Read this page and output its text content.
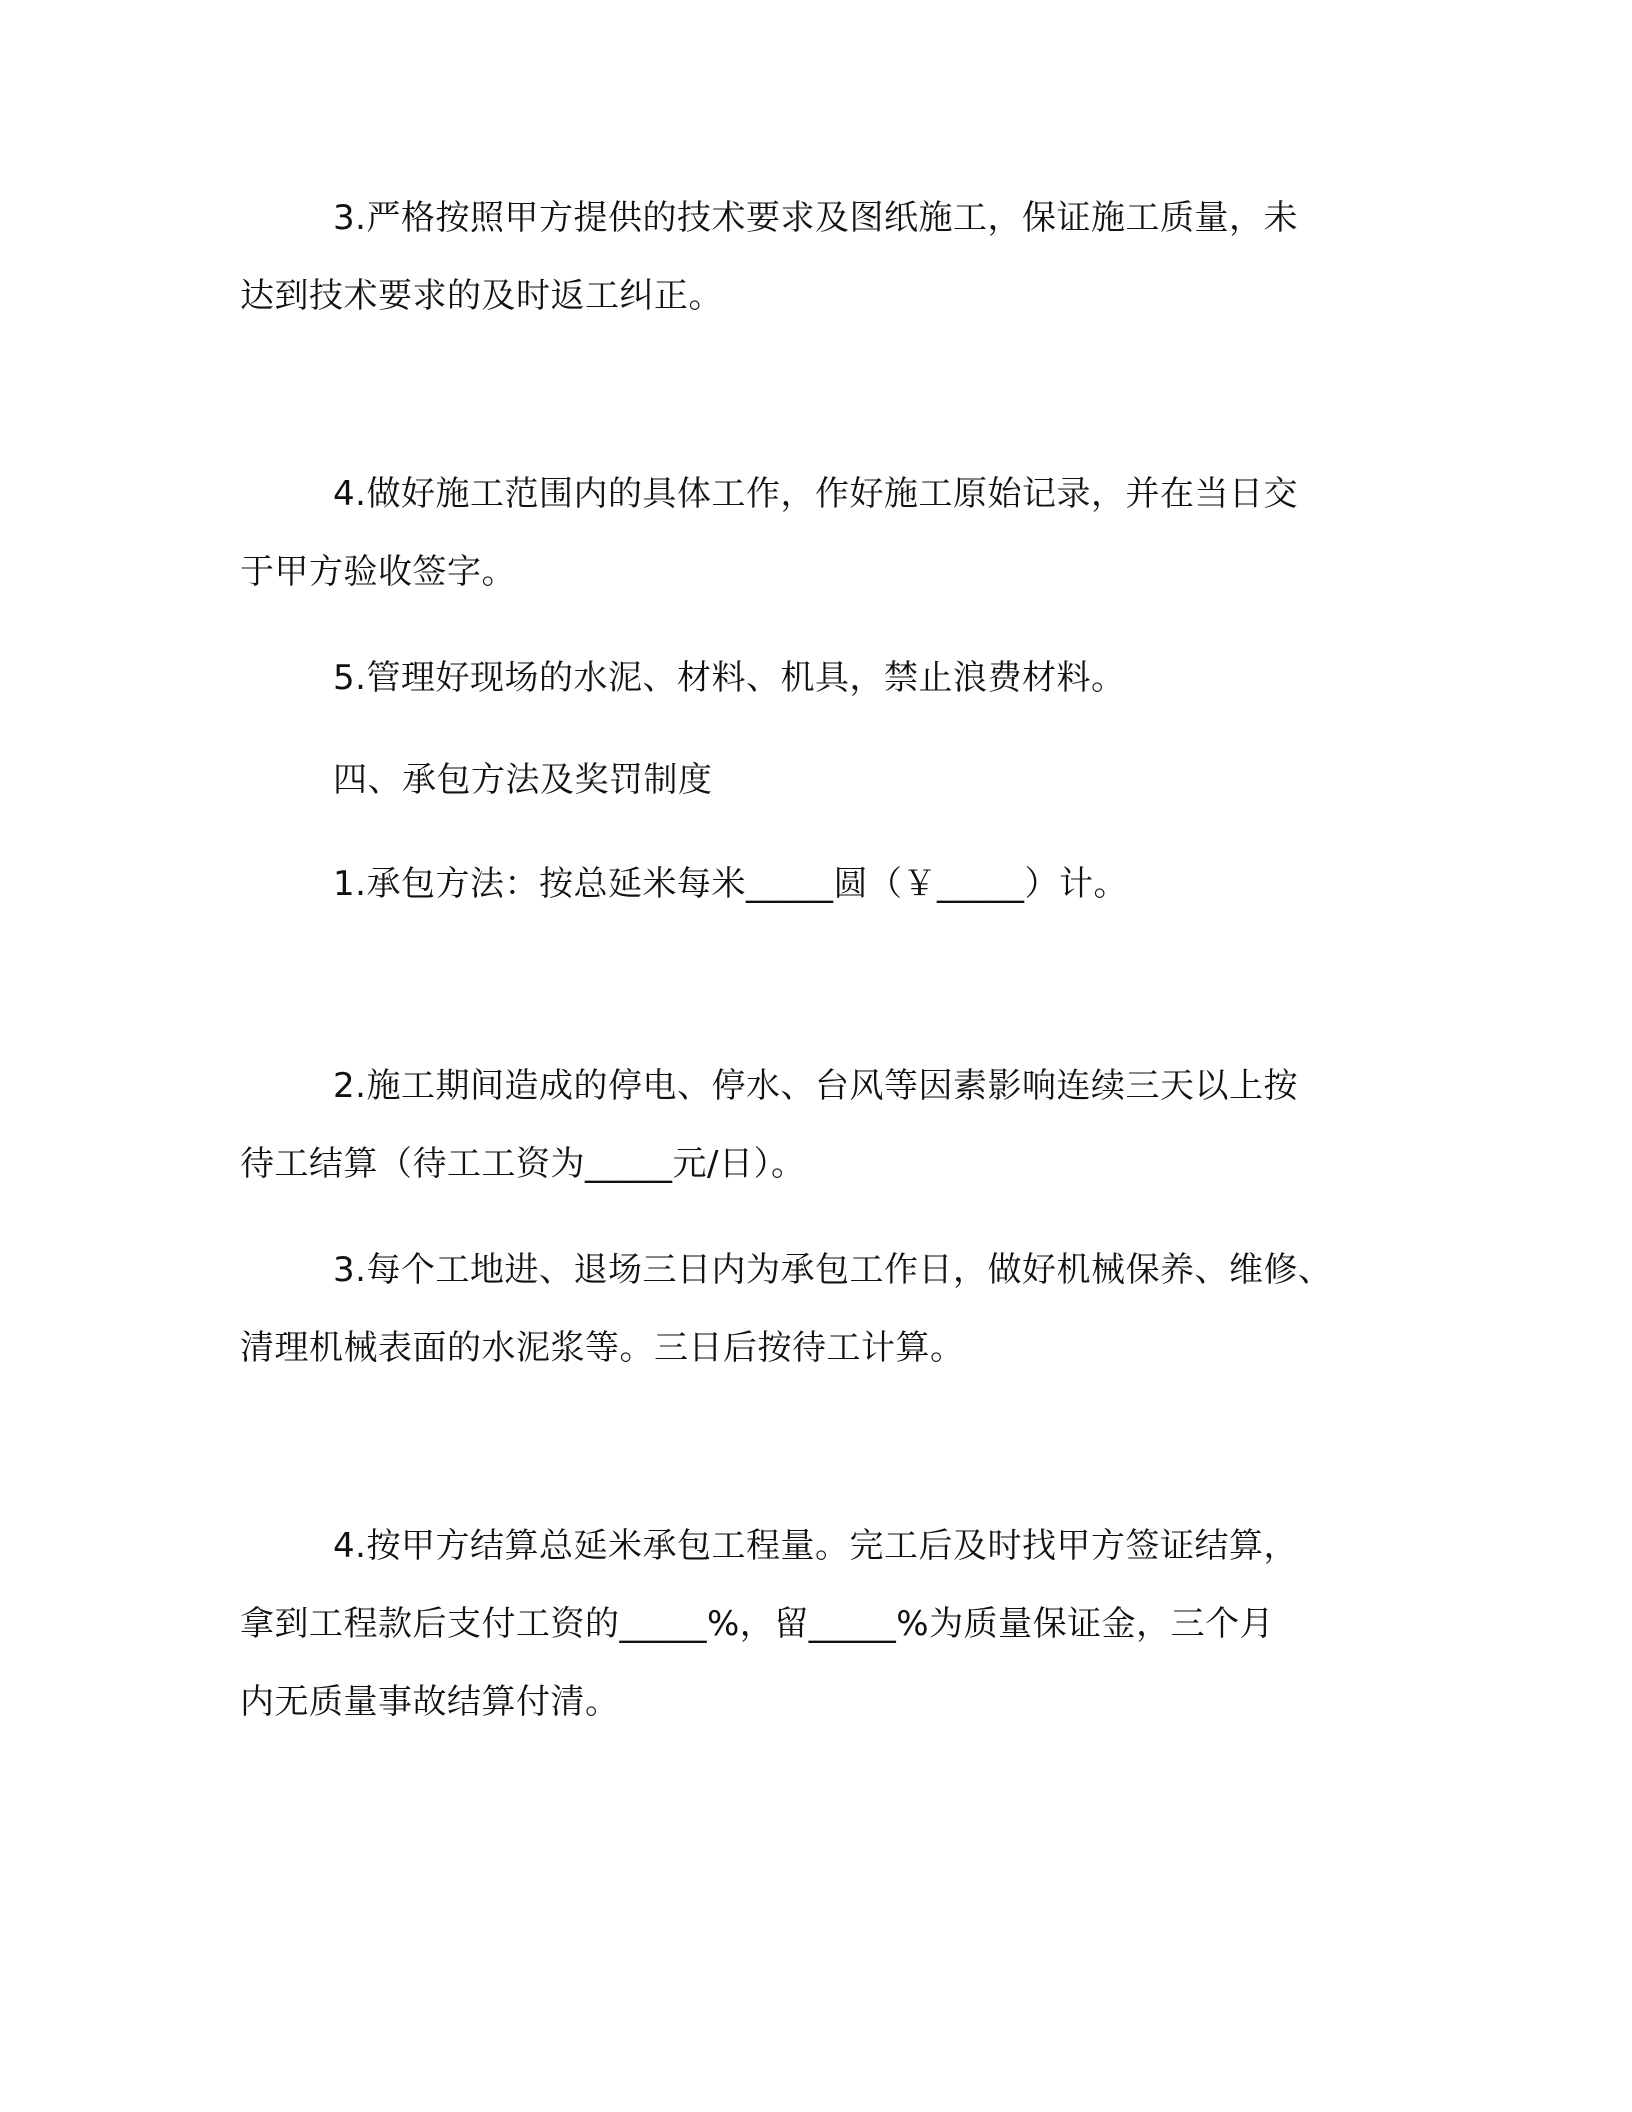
3.严格按照甲方提供的技术要求及图纸施工，保证施工质量，未
达到技术要求的及时返工纠正。
4.做好施工范围内的具体工作，作好施工原始记录，并在当日交
于甲方验收签字。
5.管理好现场的水泥、材料、机具，禁止浪费材料。
四、承包方法及奖罚制度
1.承包方法：按总延米每米_____圆（￥_____）计。
2.施工期间造成的停电、停水、台风等因素影响连续三天以上按
待工结算（待工工资为_____元/日）。
3.每个工地进、退场三日内为承包工作日，做好机械保养、维修、
清理机械表面的水泥浆等。三日后按待工计算。
4.按甲方结算总延米承包工程量。完工后及时找甲方签证结算，
拿到工程款后支付工资的_____%，留_____%为质量保证金，三个月
内无质量事故结算付清。
